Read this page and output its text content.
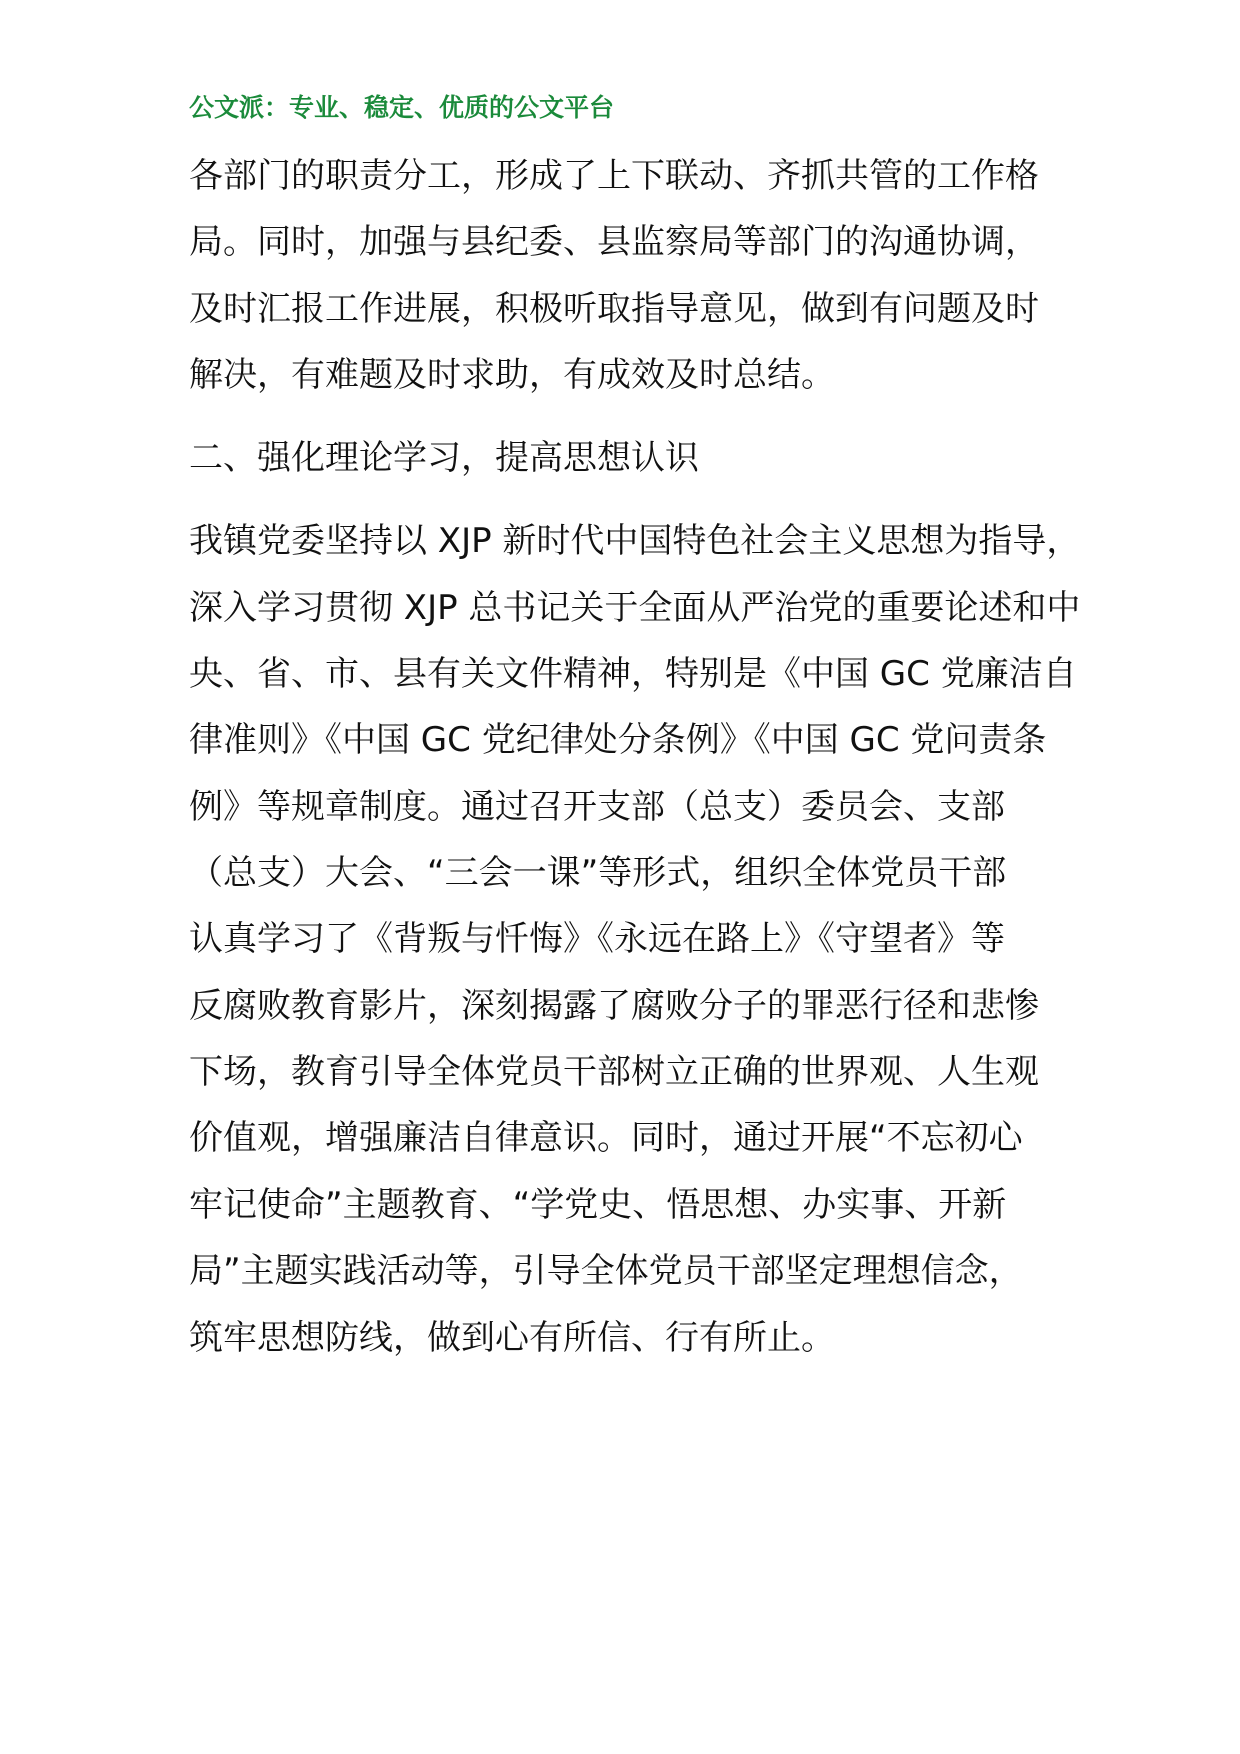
公文派：专业、稳定、优质的公文平台
各部门的职责分工，形成了上下联动、齐抓共管的工作格
局。同时，加强与县纪委、县监察局等部门的沟通协调，
及时汇报工作进展，积极听取指导意见，做到有问题及时
解决，有难题及时求助，有成效及时总结。
二、强化理论学习，提高思想认识
我镇党委坚持以 XJP 新时代中国特色社会主义思想为指导，
深入学习贯彻 XJP 总书记关于全面从严治党的重要论述和中
央、省、市、县有关文件精神，特别是《中国 GC 党廉洁自
律准则》《中国 GC 党纪律处分条例》《中国 GC 党问责条
例》等规章制度。通过召开支部（总支）委员会、支部
（总支）大会、“三会一课”等形式，组织全体党员干部
认真学习了《背叛与忏悔》《永远在路上》《守望者》等
反腐败教育影片，深刻揭露了腐败分子的罪恶行径和悲惨
下场，教育引导全体党员干部树立正确的世界观、人生观
价值观，增强廉洁自律意识。同时，通过开展“不忘初心
牢记使命”主题教育、“学党史、悟思想、办实事、开新
局”主题实践活动等，引导全体党员干部坚定理想信念，
筑牢思想防线，做到心有所信、行有所止。
